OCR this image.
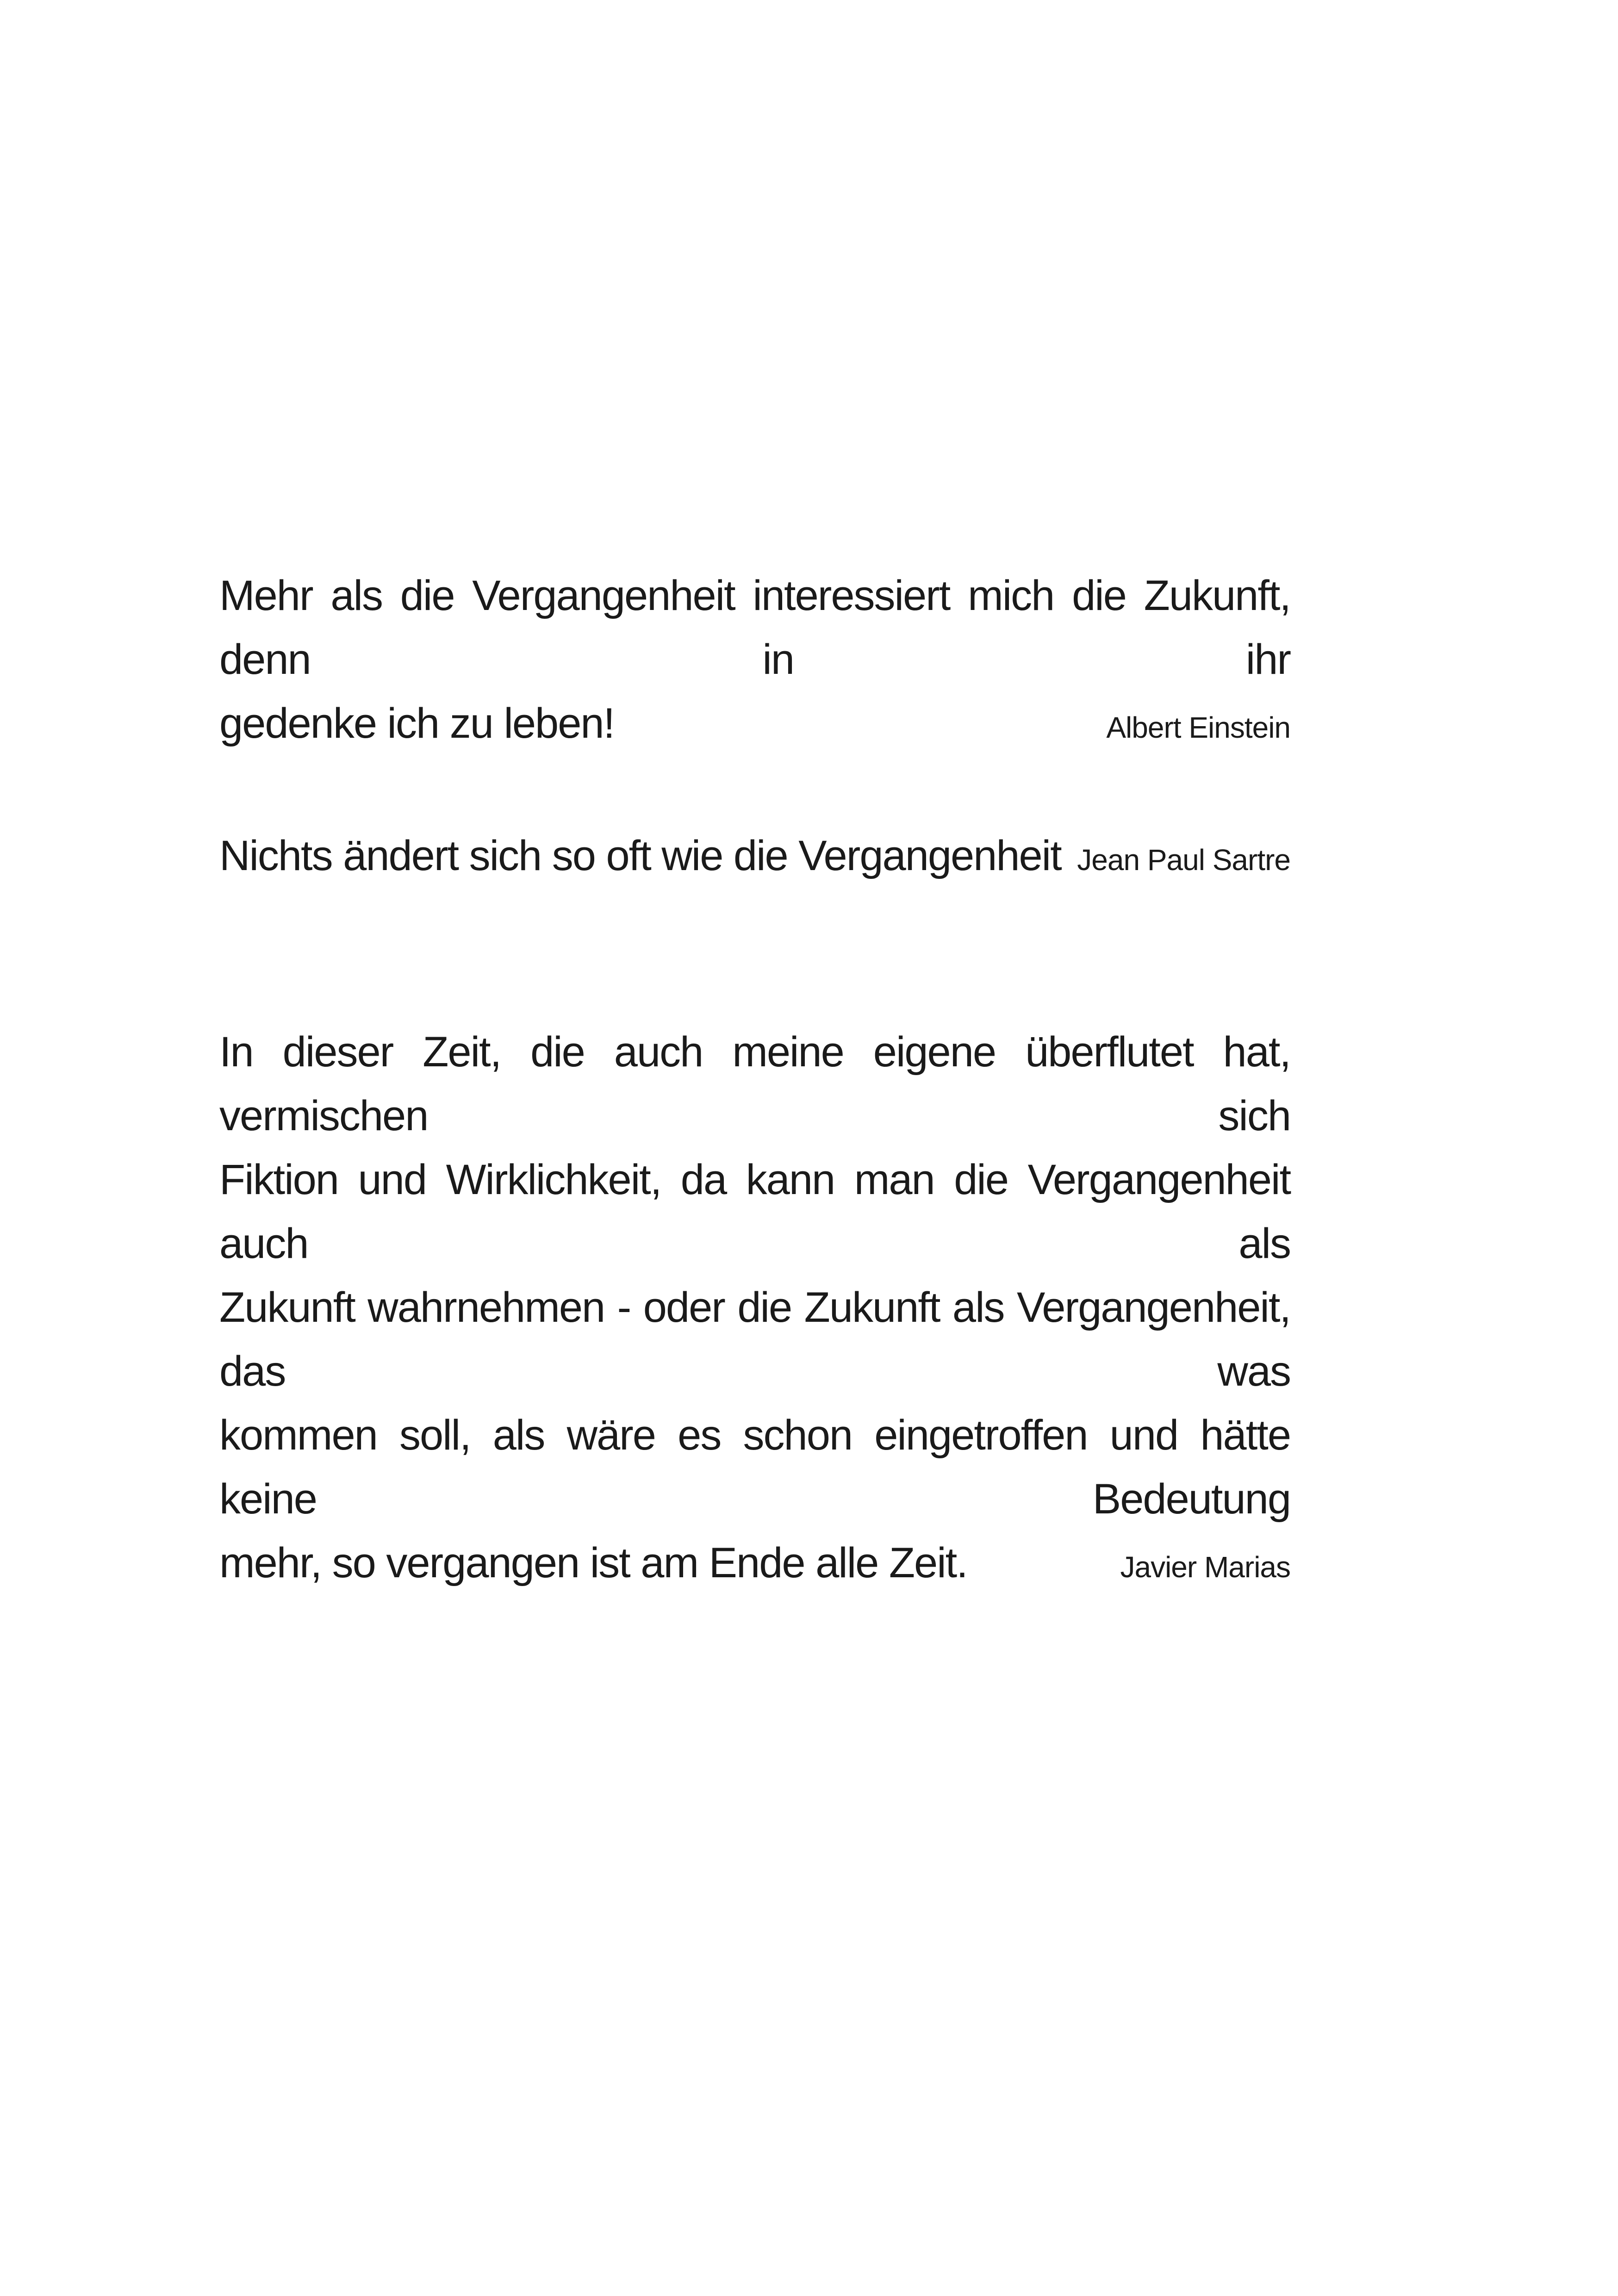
Mehr als die Vergangenheit interessiert mich die Zukunft, denn in ihr
gedenke ich zu leben!	Albert Einstein
Nichts ändert sich so oft wie die Vergangenheit Jean Paul Sartre
In dieser Zeit, die auch meine eigene überflutet hat, vermischen sich
Fiktion und Wirklichkeit, da kann man die Vergangenheit auch als
Zukunft wahrnehmen - oder die Zukunft als Vergangenheit, das was
kommen soll, als wäre es schon eingetroffen und hätte keine Bedeutung
mehr, so vergangen ist am Ende alle Zeit.	Javier Marias
